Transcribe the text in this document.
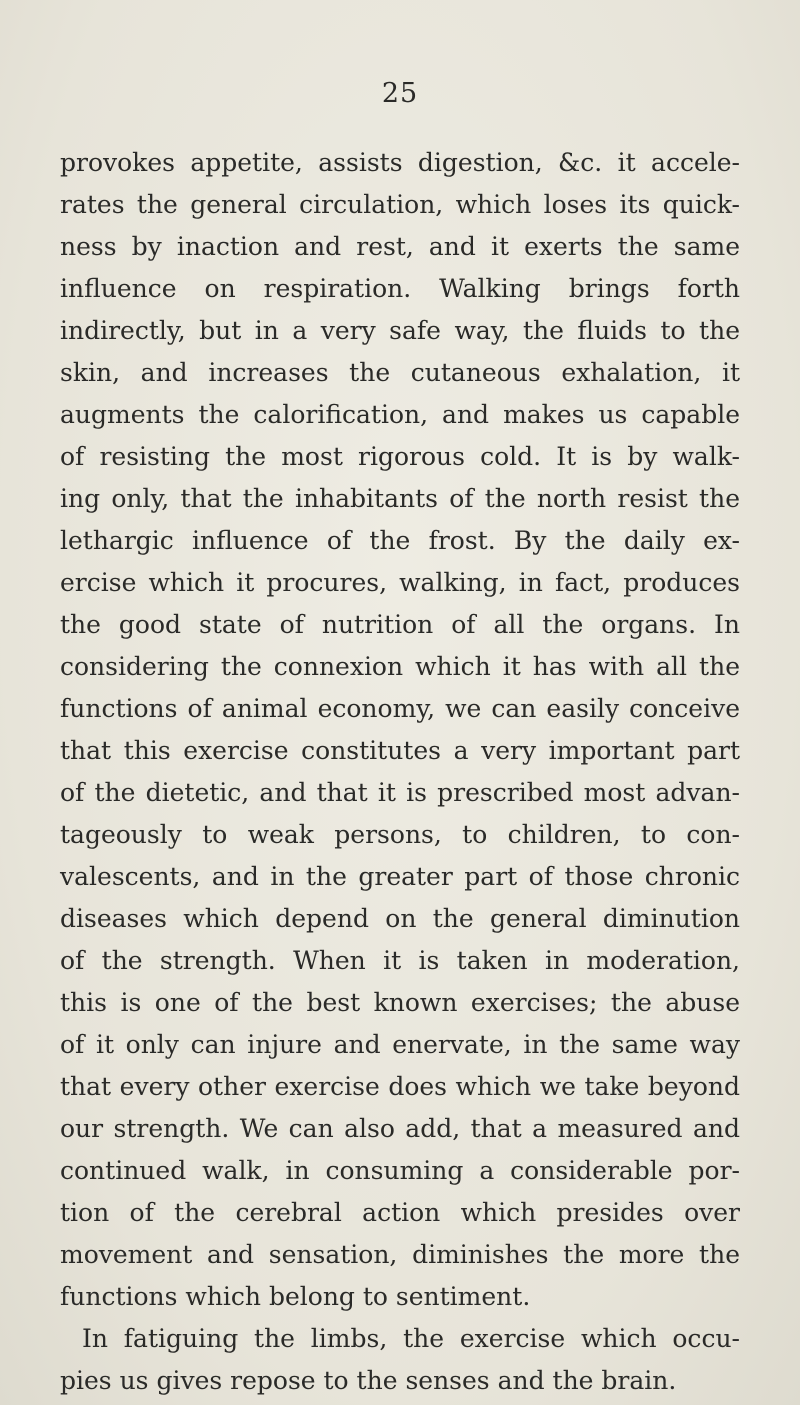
25
provokes appetite, assists digestion, &c. it accele-
rates the general circulation, which loses its quick-
ness by inaction and rest, and it exerts the same
influence on respiration. Walking brings forth
indirectly, but in a very safe way, the fluids to the
skin, and increases the cutaneous exhalation, it
augments the calorification, and makes us capable
of resisting the most rigorous cold. It is by walk-
ing only, that the inhabitants of the north resist the
lethargic influence of the frost. By the daily ex-
ercise which it procures, walking, in fact, produces
the good state of nutrition of all the organs. In
considering the connexion which it has with all the
functions of animal economy, we can easily conceive
that this exercise constitutes a very important part
of the dietetic, and that it is prescribed most advan-
tageously to weak persons, to children, to con-
valescents, and in the greater part of those chronic
diseases which depend on the general diminution
of the strength. When it is taken in moderation,
this is one of the best known exercises; the abuse
of it only can injure and enervate, in the same way
that every other exercise does which we take beyond
our strength. We can also add, that a measured and
continued walk, in consuming a considerable por-
tion of the cerebral action which presides over
movement and sensation, diminishes the more the
functions which belong to sentiment.
In fatiguing the limbs, the exercise which occu-
pies us gives repose to the senses and the brain.
